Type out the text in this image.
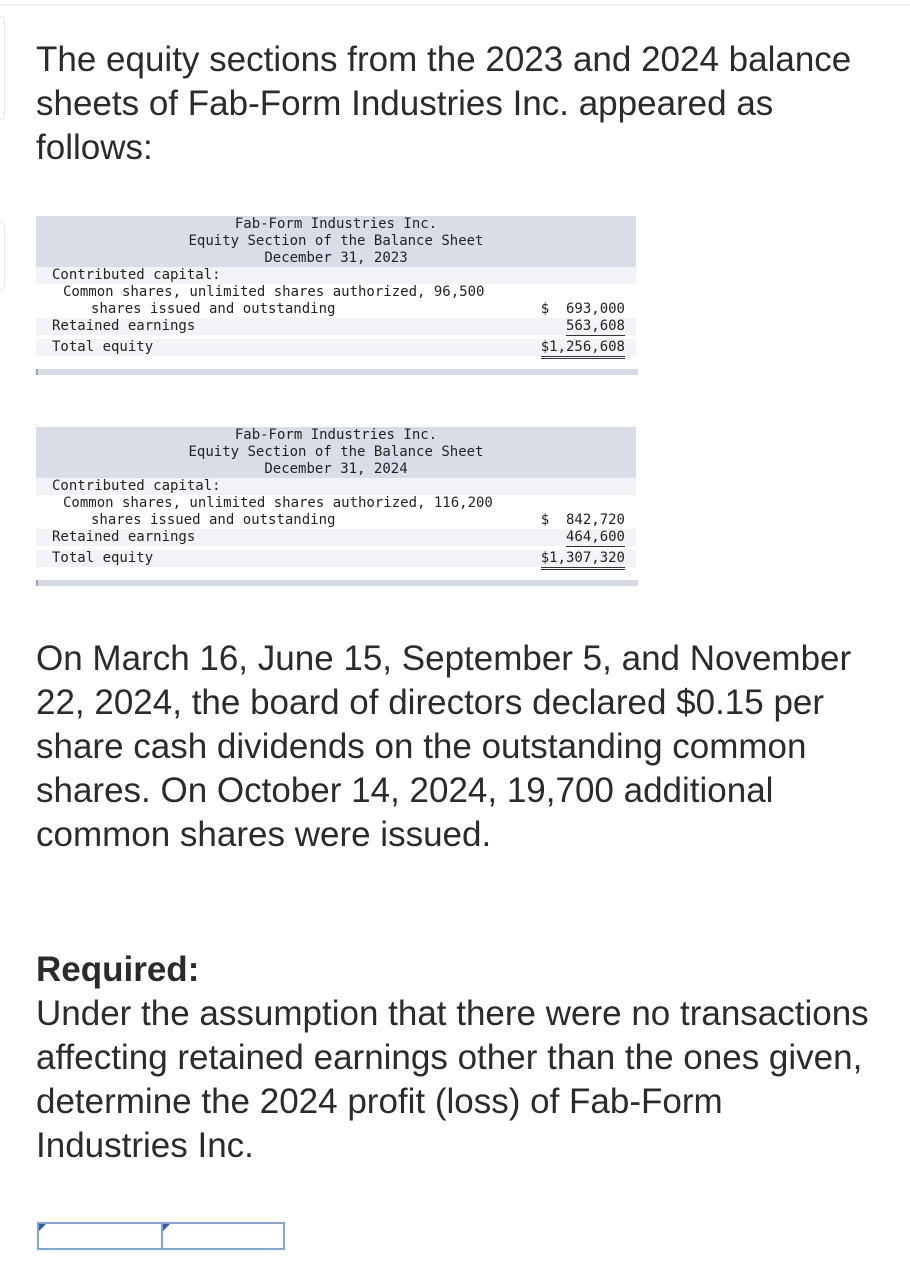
The equity sections from the 2023 and 2024 balance sheets of Fab-Form Industries Inc. appeared as follows:

Fab-Form Industries Inc.
Equity Section of the Balance Sheet
December 31, 2023
Contributed capital:
Common shares, unlimited shares authorized, 96,500
shares issued and outstanding	$  693,000
Retained earnings	563,608
Total equity	$1,256,608
Fab-Form Industries Inc.
Equity Section of the Balance Sheet
December 31, 2024
Contributed capital:
Common shares, unlimited shares authorized, 116,200
shares issued and outstanding	$  842,720
Retained earnings	464,600
Total equity	$1,307,320

On March 16, June 15, September 5, and November 22, 2024, the board of directors declared $0.15 per share cash dividends on the outstanding common shares. On October 14, 2024, 19,700 additional common shares were issued.

Required:

Under the assumption that there were no transactions affecting retained earnings other than the ones given, determine the 2024 profit (loss) of Fab-Form Industries Inc.
